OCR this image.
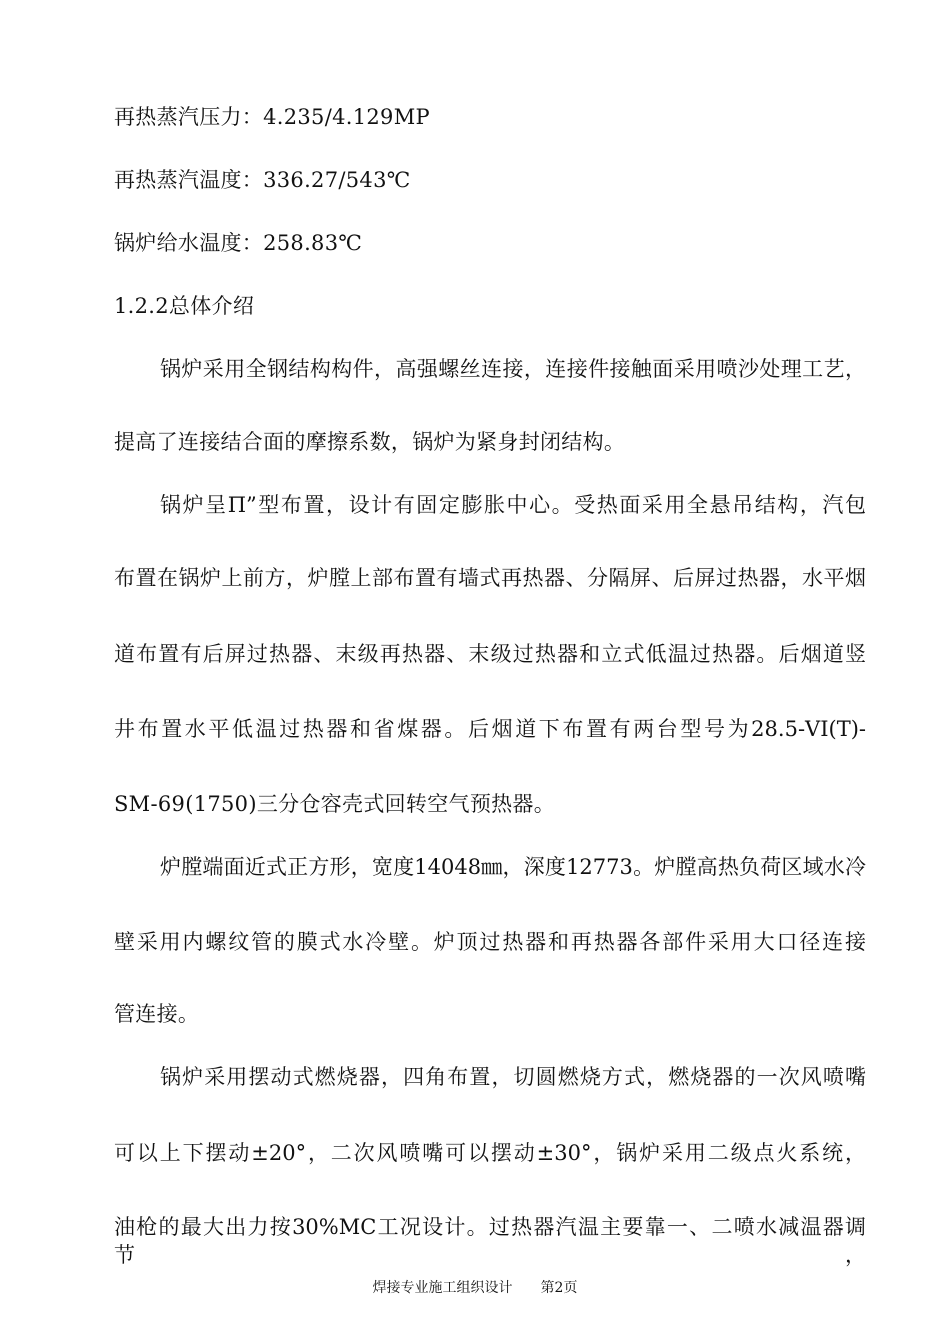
再热蒸汽压力：4.235/4.129MP
再热蒸汽温度：336.27/543℃
锅炉给水温度：258.83℃
1.2.2总体介绍
锅炉采用全钢结构构件，高强螺丝连接，连接件接触面采用喷沙处理工艺，
提高了连接结合面的摩擦系数，锅炉为紧身封闭结构。
锅炉呈Π”型布置，设计有固定膨胀中心。受热面采用全悬吊结构，汽包
布置在锅炉上前方，炉膛上部布置有墙式再热器、分隔屏、后屏过热器，水平烟
道布置有后屏过热器、末级再热器、末级过热器和立式低温过热器。后烟道竖
井布置水平低温过热器和省煤器。后烟道下布置有两台型号为28.5-VI(T)-
SM-69(1750)三分仓容壳式回转空气预热器。
炉膛端面近式正方形，宽度14048㎜，深度12773。炉膛高热负荷区域水冷
壁采用内螺纹管的膜式水冷壁。炉顶过热器和再热器各部件采用大口径连接
管连接。
锅炉采用摆动式燃烧器，四角布置，切圆燃烧方式，燃烧器的一次风喷嘴
可以上下摆动±20°，二次风喷嘴可以摆动±30°，锅炉采用二级点火系统，
油枪的最大出力按30%MC工况设计。过热器汽温主要靠一、二喷水减温器调节，
焊接专业施工组织设计 第2页
